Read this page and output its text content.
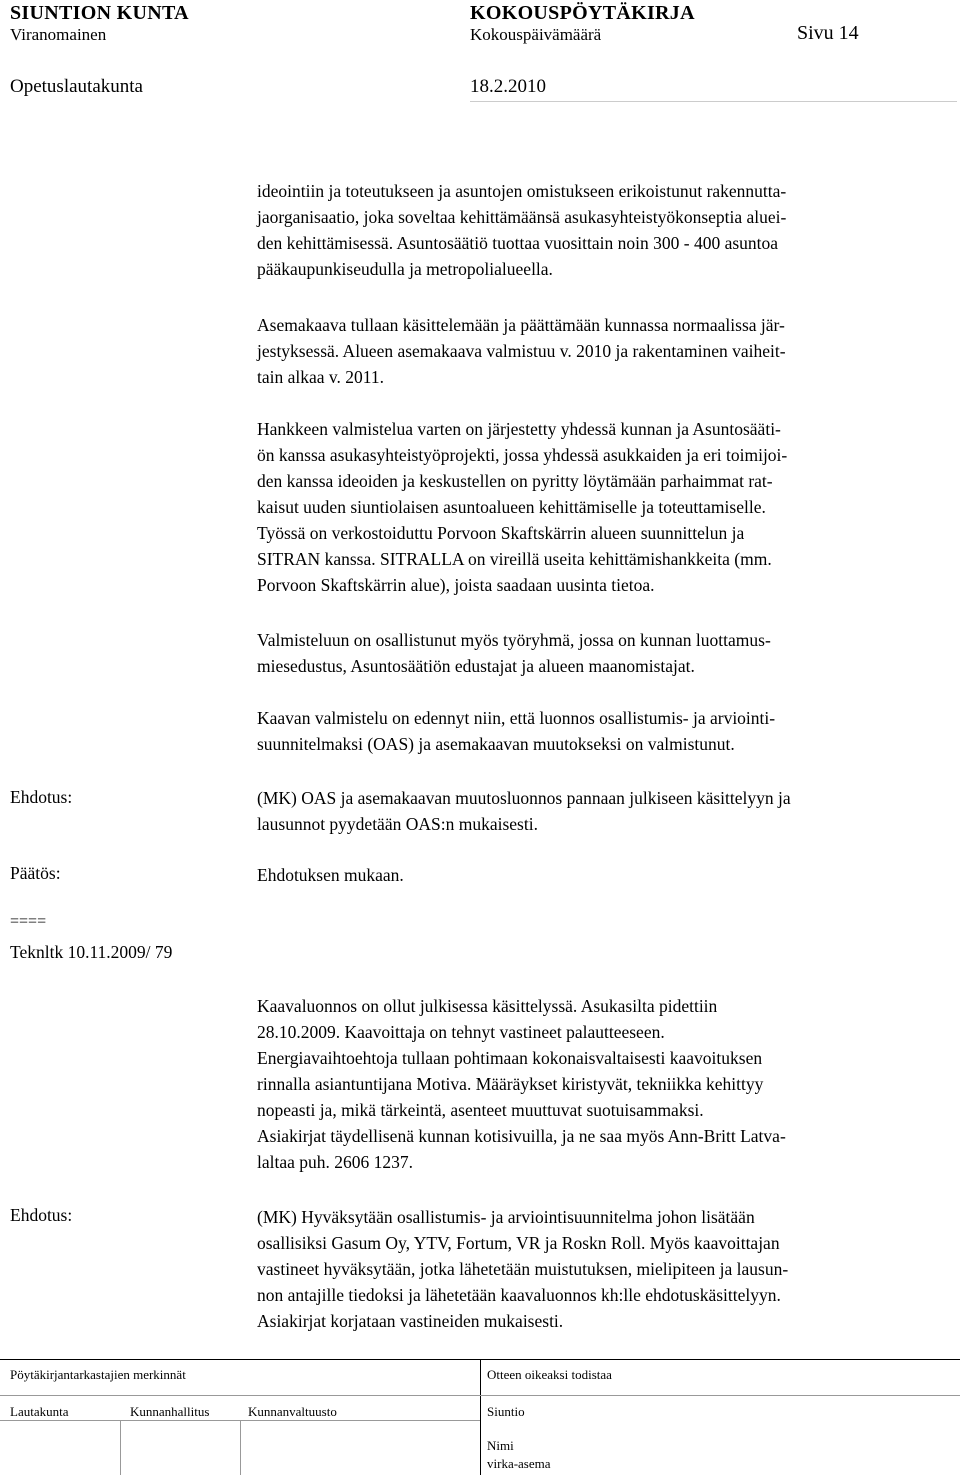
SIUNTION KUNTA	KOKOUSPÖYTÄKIRJA
Viranomainen	Kokouspäivämäärä	Sivu 14
Opetuslautakunta	18.2.2010
ideointiin ja toteutukseen ja asuntojen omistukseen erikoistunut rakennutta-
jaorganisaatio, joka soveltaa kehittämäänsä asukasyhteistyökonseptia aluei-
den kehittämisessä. Asuntosäätiö tuottaa vuosittain noin 300 - 400 asuntoa
pääkaupunkiseudulla ja metropolialueella.
Asemakaava tullaan käsittelemään ja päättämään kunnassa normaalissa jär-
jestyksessä. Alueen asemakaava valmistuu v. 2010 ja rakentaminen vaiheit-
tain alkaa v. 2011.
Hankkeen valmistelua varten on järjestetty yhdessä kunnan ja Asuntosääti-
ön kanssa asukasyhteistyöprojekti, jossa yhdessä asukkaiden ja eri toimijoi-
den kanssa ideoiden ja keskustellen on pyritty löytämään parhaimmat rat-
kaisut uuden siuntiolaisen asuntoalueen kehittämiselle ja toteuttamiselle.
Työssä on verkostoiduttu Porvoon Skaftskärrin alueen suunnittelun ja
SITRAN kanssa. SITRALLA on vireillä useita kehittämishankkeita (mm.
Porvoon Skaftskärrin alue), joista saadaan uusinta tietoa.
Valmisteluun on osallistunut myös työryhmä, jossa on kunnan luottamus-
miesedustus, Asuntosäätiön edustajat ja alueen maanomistajat.
Kaavan valmistelu on edennyt niin, että luonnos osallistumis- ja arviointi-
suunnitelmaksi (OAS) ja asemakaavan muutokseksi on valmistunut.
Ehdotus:	(MK) OAS ja asemakaavan muutosluonnos pannaan julkiseen käsittelyyn ja
lausunnot pyydetään OAS:n mukaisesti.
Päätös:	Ehdotuksen mukaan.
====
Teknltk 10.11.2009/ 79
Kaavaluonnos on ollut julkisessa käsittelyssä. Asukasilta pidettiin
28.10.2009. Kaavoittaja on tehnyt vastineet palautteeseen.
Energiavaihtoehtoja tullaan pohtimaan kokonaisvaltaisesti kaavoituksen
rinnalla asiantuntijana Motiva. Määräykset kiristyvät, tekniikka kehittyy
nopeasti ja, mikä tärkeintä, asenteet muuttuvat suotuisammaksi.
Asiakirjat täydellisenä kunnan kotisivuilla, ja ne saa myös Ann-Britt Latva-
laltaa puh. 2606 1237.
Ehdotus:	(MK) Hyväksytään osallistumis- ja arviointisuunnitelma johon lisätään
osallisiksi Gasum Oy, YTV, Fortum, VR ja Roskn Roll. Myös kaavoittajan
vastineet hyväksytään, jotka lähetetään muistutuksen, mielipiteen ja lausun-
non antajille tiedoksi ja lähetetään kaavaluonnos kh:lle ehdotuskäsittelyyn.
Asiakirjat korjataan vastineiden mukaisesti.
Pöytäkirjantarkastajien merkinnät	Otteen oikeaksi todistaa
Lautakunta	Kunnanhallitus	Kunnanvaltuusto	Siuntio
Nimi
virka-asema
